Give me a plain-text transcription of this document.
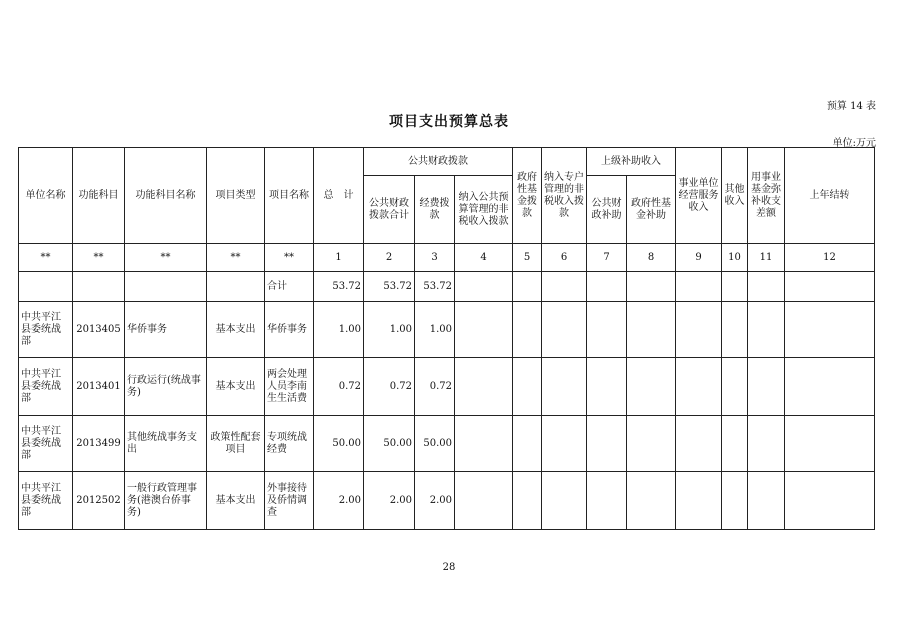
预算 14 表
项目支出预算总表
单位:万元
单位名称	功能科目	功能科目名称	项目类型	项目名称	总　计	公共财政拨款			政府性基金拨款	纳入专户管理的非税收入拨款	上级补助收入		事业单位经营服务收入	其他收入	用事业基金弥补收支差额	上年结转
						公共财政拨款合计	经费拨款	纳入公共预算管理的非税收入拨款			公共财政补助	政府性基金补助				
**	**	**	**	**	1	2	3	4	5	6	7	8	9	10	11	12
				合计	53.72	53.72	53.72									
中共平江县委统战部	2013405	华侨事务	基本支出	华侨事务	1.00	1.00	1.00									
中共平江县委统战部	2013401	行政运行(统战事务)	基本支出	两会处理人员李南生生活费	0.72	0.72	0.72									
中共平江县委统战部	2013499	其他统战事务支出	政策性配套项目	专项统战经费	50.00	50.00	50.00									
中共平江县委统战部	2012502	一般行政管理事务(港澳台侨事务)	基本支出	外事接待及侨情调查	2.00	2.00	2.00									
28
